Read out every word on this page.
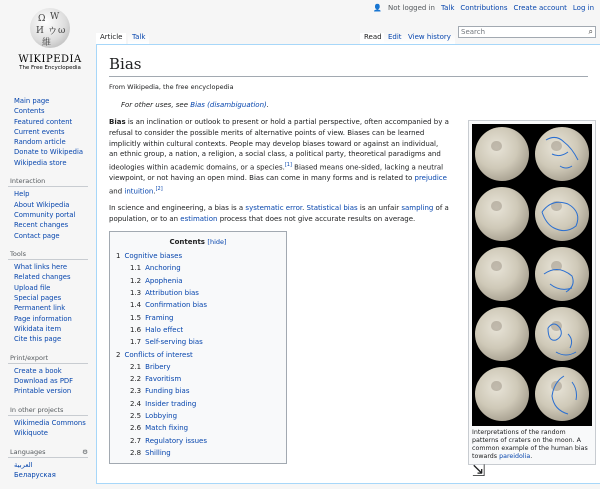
👤 Not logged in Talk Contributions Create account Log in
Ω W
И ウ ω
維
WIKIPEDIA
The Free Encyclopedia
Main page
Contents
Featured content
Current events
Random article
Donate to Wikipedia
Wikipedia store
Interaction
Help
About Wikipedia
Community portal
Recent changes
Contact page
Tools
What links here
Related changes
Upload file
Special pages
Permanent link
Page information
Wikidata item
Cite this page
Print/export
Create a book
Download as PDF
Printable version
In other projects
Wikimedia Commons
Wikiquote
Languages	⚙
العربية
Беларуская
Article	Talk	Read Edit View history
Search	⌕
Bias
From Wikipedia, the free encyclopedia
For other uses, see Bias (disambiguation).

Bias is an inclination or outlook to present or hold a partial perspective, often accompanied by a refusal to consider the possible merits of alternative points of view. Biases can be learned implicitly within cultural contexts. People may develop biases toward or against an individual, an ethnic group, a nation, a religion, a social class, a political party, theoretical paradigms and ideologies within academic domains, or a species.[1] Biased means one-sided, lacking a neutral viewpoint, or not having an open mind. Bias can come in many forms and is related to prejudice and intuition.[2]

In science and engineering, a bias is a systematic error. Statistical bias is an unfair sampling of a population, or to an estimation process that does not give accurate results on average.

Contents [hide]
1 Cognitive biases
1.1 Anchoring
1.2 Apophenia
1.3 Attribution bias
1.4 Confirmation bias
1.5 Framing
1.6 Halo effect
1.7 Self-serving bias
2 Conflicts of interest
2.1 Bribery
2.2 Favoritism
2.3 Funding bias
2.4 Insider trading
2.5 Lobbying
2.6 Match fixing
2.7 Regulatory issues
2.8 Shilling
Interpretations of the random patterns of craters on the moon. A common example of the human bias towards pareidolia.
⇲
